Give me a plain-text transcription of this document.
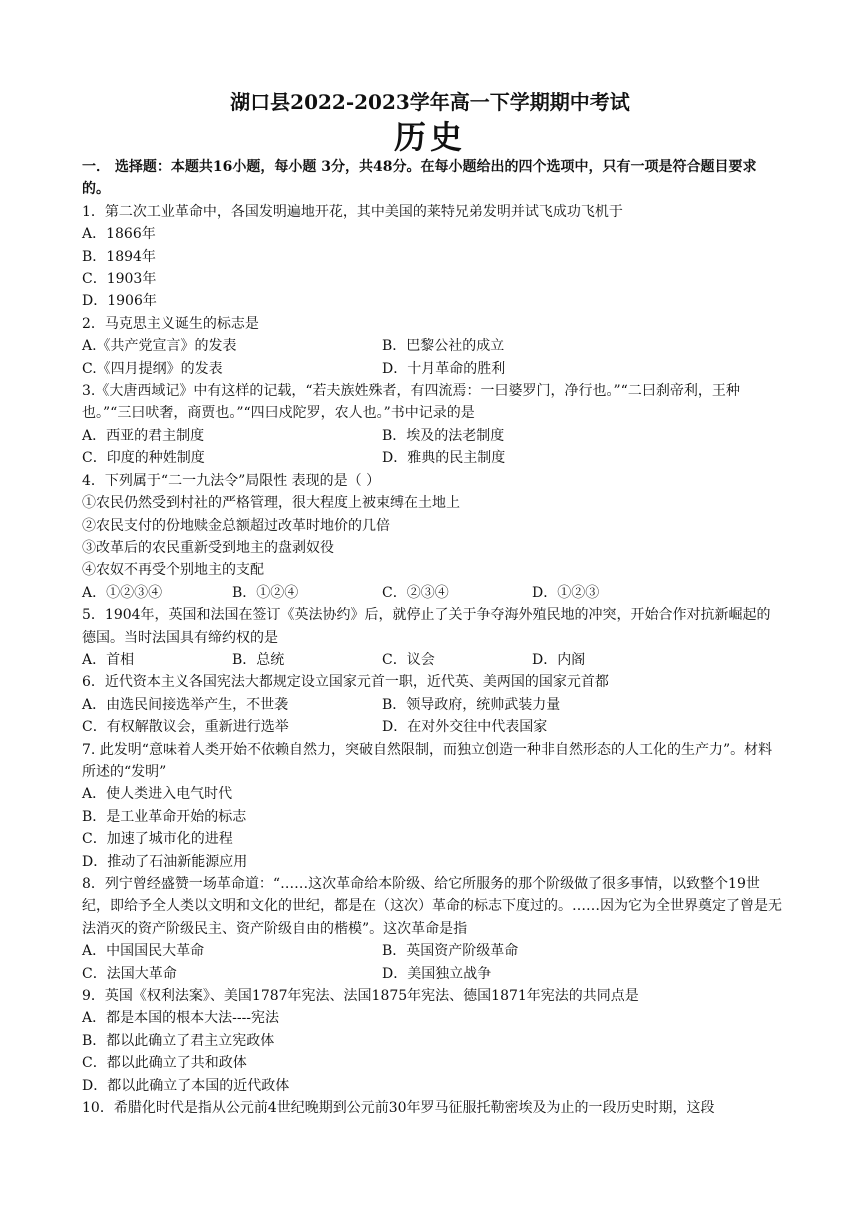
湖口县2022-2023学年高一下学期期中考试
历史
一． 选择题：本题共16小题，每小题 3分，共48分。在每小题给出的四个选项中，只有一项是符合题目要求的。
1．第二次工业革命中，各国发明遍地开花，其中美国的莱特兄弟发明并试飞成功飞机于
A．1866年
B．1894年
C．1903年
D．1906年
2．马克思主义诞生的标志是
A.《共产党宣言》的发表	B．巴黎公社的成立
C.《四月提纲》的发表	D．十月革命的胜利
3.《大唐西域记》中有这样的记载，“若夫族姓殊者，有四流焉：一曰婆罗门，净行也。”“二曰刹帝利，王种也。”“三曰吠奢，商贾也。”“四曰戍陀罗，农人也。”书中记录的是
A．西亚的君主制度	B．埃及的法老制度
C．印度的种姓制度	D．雅典的民主制度
4．下列属于“二一九法令”局限性 表现的是（ ）
①农民仍然受到村社的严格管理，很大程度上被束缚在土地上
②农民支付的份地赎金总额超过改革时地价的几倍
③改革后的农民重新受到地主的盘剥奴役
④农奴不再受个别地主的支配
A．①②③④	B．①②④	C．②③④	D．①②③
5．1904年，英国和法国在签订《英法协约》后，就停止了关于争夺海外殖民地的冲突，开始合作对抗新崛起的德国。当时法国具有缔约权的是
A．首相	B．总统	C．议会	D．内阁
6．近代资本主义各国宪法大都规定设立国家元首一职，近代英、美两国的国家元首都
A．由选民间接选举产生，不世袭	B．领导政府，统帅武装力量
C．有权解散议会，重新进行选举	D．在对外交往中代表国家
7. 此发明“意味着人类开始不依赖自然力，突破自然限制，而独立创造一种非自然形态的人工化的生产力”。材料所述的“发明”
A．使人类进入电气时代
B．是工业革命开始的标志
C．加速了城市化的进程
D．推动了石油新能源应用
8．列宁曾经盛赞一场革命道：“……这次革命给本阶级、给它所服务的那个阶级做了很多事情，以致整个19世纪，即给予全人类以文明和文化的世纪，都是在（这次）革命的标志下度过的。……因为它为全世界奠定了曾是无法消灭的资产阶级民主、资产阶级自由的楷模”。这次革命是指
A．中国国民大革命	B．英国资产阶级革命
C．法国大革命	D．美国独立战争
9．英国《权利法案》、美国1787年宪法、法国1875年宪法、德国1871年宪法的共同点是
A．都是本国的根本大法----宪法
B．都以此确立了君主立宪政体
C．都以此确立了共和政体
D．都以此确立了本国的近代政体
10．希腊化时代是指从公元前4世纪晚期到公元前30年罗马征服托勒密埃及为止的一段历史时期，这段
